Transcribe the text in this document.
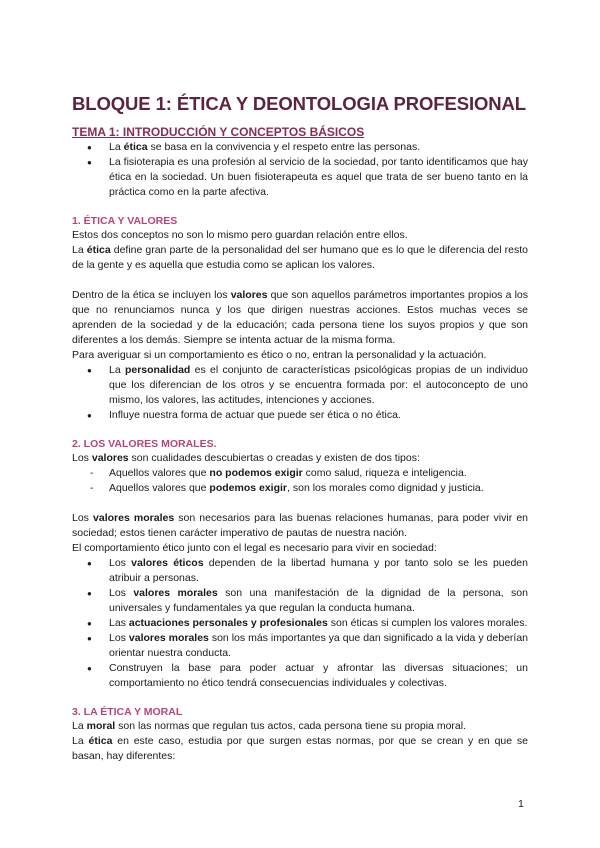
BLOQUE 1: ÉTICA Y DEONTOLOGIA PROFESIONAL
TEMA 1: INTRODUCCIÓN Y CONCEPTOS BÁSICOS
● La ética se basa en la convivencia y el respeto entre las personas.
● La fisioterapia es una profesión al servicio de la sociedad, por tanto identificamos que hay ética en la sociedad. Un buen fisioterapeuta es aquel que trata de ser bueno tanto en la práctica como en la parte afectiva.
1. ÉTICA Y VALORES

Estos dos conceptos no son lo mismo pero guardan relación entre ellos.

La ética define gran parte de la personalidad del ser humano que es lo que le diferencia del resto de la gente y es aquella que estudia como se aplican los valores.

Dentro de la ética se incluyen los valores que son aquellos parámetros importantes propios a los que no renunciamos nunca y los que dirigen nuestras acciones. Estos muchas veces se aprenden de la sociedad y de la educación; cada persona tiene los suyos propios y que son diferentes a los demás. Siempre se intenta actuar de la misma forma.

Para averiguar si un comportamiento es ético o no, entran la personalidad y la actuación.

● La personalidad es el conjunto de características psicológicas propias de un individuo que los diferencian de los otros y se encuentra formada por: el autoconcepto de uno mismo, los valores, las actitudes, intenciones y acciones.
● Influye nuestra forma de actuar que puede ser ética o no ética.
2. LOS VALORES MORALES.

Los valores son cualidades descubiertas o creadas y existen de dos tipos:

- Aquellos valores que no podemos exigir como salud, riqueza e inteligencia.
- Aquellos valores que podemos exigir, son los morales como dignidad y justicia.

Los valores morales son necesarios para las buenas relaciones humanas, para poder vivir en sociedad; estos tienen carácter imperativo de pautas de nuestra nación.

El comportamiento ético junto con el legal es necesario para vivir en sociedad:

● Los valores éticos dependen de la libertad humana y por tanto solo se les pueden atribuir a personas.
● Los valores morales son una manifestación de la dignidad de la persona, son universales y fundamentales ya que regulan la conducta humana.
● Las actuaciones personales y profesionales son éticas si cumplen los valores morales.
● Los valores morales son los más importantes ya que dan significado a la vida y deberían orientar nuestra conducta.
● Construyen la base para poder actuar y afrontar las diversas situaciones; un comportamiento no ético tendrá consecuencias individuales y colectivas.
3. LA ÉTICA Y MORAL

La moral son las normas que regulan tus actos, cada persona tiene su propia moral.

La ética en este caso, estudia por que surgen estas normas, por que se crean y en que se basan, hay diferentes:

1
